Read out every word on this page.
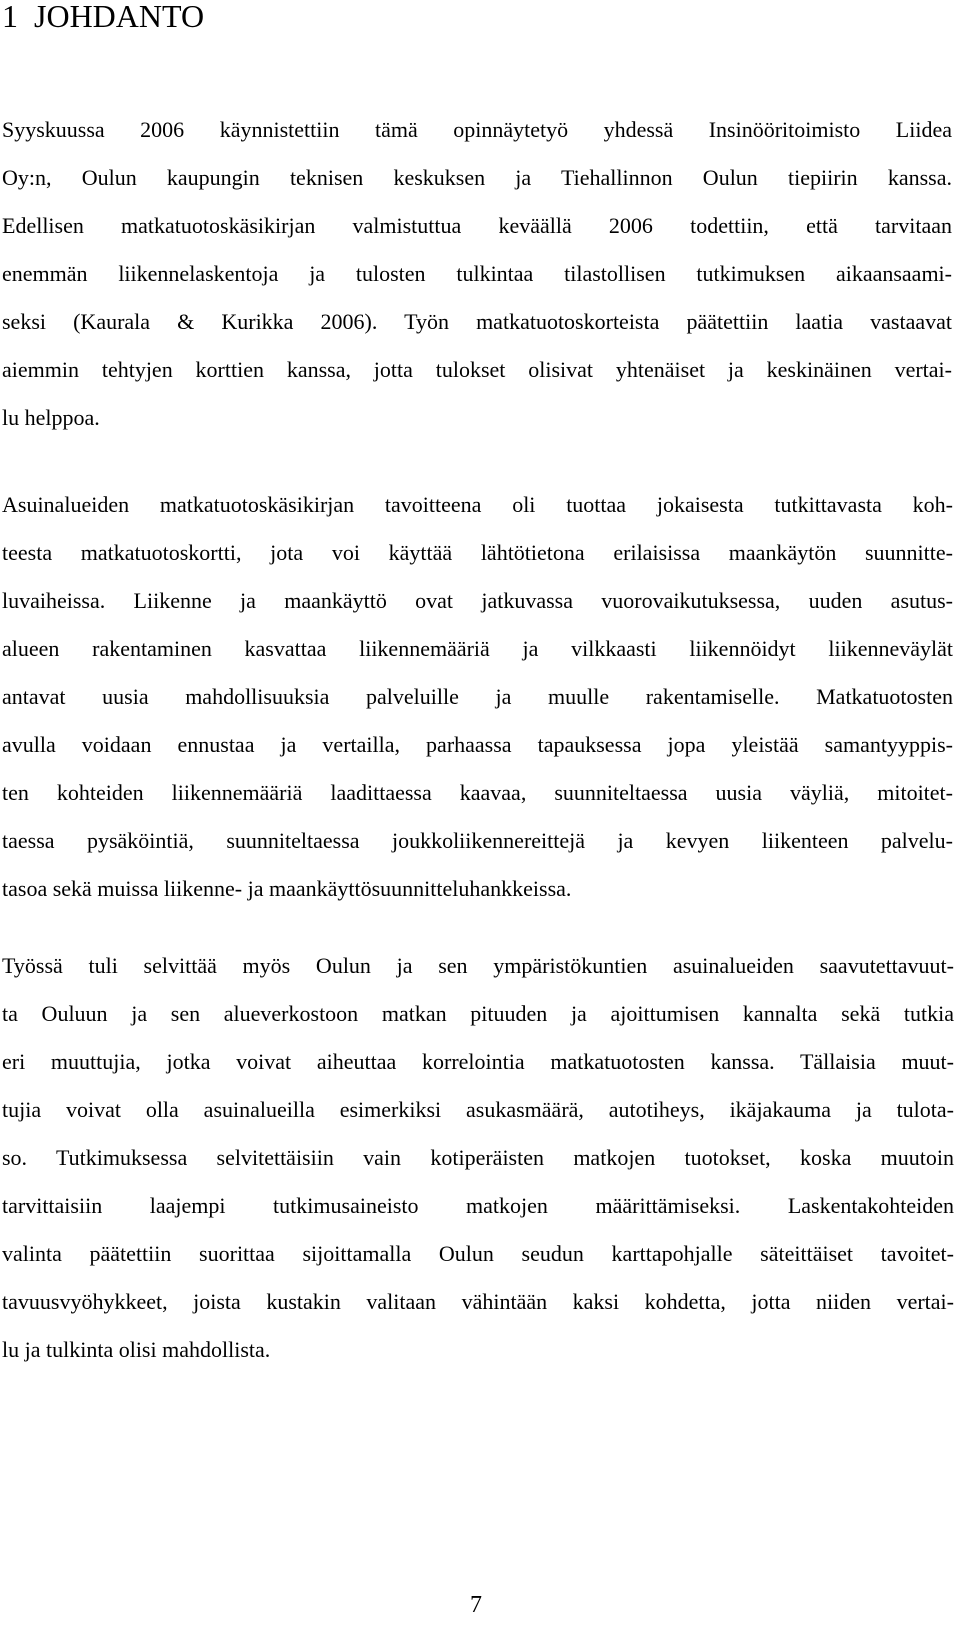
1  JOHDANTO
Syyskuussa 2006 käynnistettiin tämä opinnäytetyö yhdessä Insinööritoimisto Liidea
Oy:n, Oulun kaupungin teknisen keskuksen ja Tiehallinnon Oulun tiepiirin kanssa.
Edellisen matkatuotoskäsikirjan valmistuttua keväällä 2006 todettiin, että tarvitaan
enemmän liikennelaskentoja ja tulosten tulkintaa tilastollisen tutkimuksen aikaansaami-
seksi (Kaurala & Kurikka 2006). Työn matkatuotoskorteista päätettiin laatia vastaavat
aiemmin tehtyjen korttien kanssa, jotta tulokset olisivat yhtenäiset ja keskinäinen vertai-
lu helppoa.
Asuinalueiden matkatuotoskäsikirjan tavoitteena oli tuottaa jokaisesta tutkittavasta koh-
teesta matkatuotoskortti, jota voi käyttää lähtötietona erilaisissa maankäytön suunnitte-
luvaiheissa. Liikenne ja maankäyttö ovat jatkuvassa vuorovaikutuksessa, uuden asutus-
alueen rakentaminen kasvattaa liikennemääriä ja vilkkaasti liikennöidyt liikenneväylät
antavat uusia mahdollisuuksia palveluille ja muulle rakentamiselle. Matkatuotosten
avulla voidaan ennustaa ja vertailla, parhaassa tapauksessa jopa yleistää samantyyppis-
ten kohteiden liikennemääriä laadittaessa kaavaa, suunniteltaessa uusia väyliä, mitoitet-
taessa pysäköintiä, suunniteltaessa joukkoliikennereittejä ja kevyen liikenteen palvelu-
tasoa sekä muissa liikenne- ja maankäyttösuunnitteluhankkeissa.
Työssä tuli selvittää myös Oulun ja sen ympäristökuntien asuinalueiden saavutettavuut-
ta Ouluun ja sen alueverkostoon matkan pituuden ja ajoittumisen kannalta sekä tutkia
eri muuttujia, jotka voivat aiheuttaa korrelointia matkatuotosten kanssa. Tällaisia muut-
tujia voivat olla asuinalueilla esimerkiksi asukasmäärä, autotiheys, ikäjakauma ja tulota-
so. Tutkimuksessa selvitettäisiin vain kotiperäisten matkojen tuotokset, koska muutoin
tarvittaisiin laajempi tutkimusaineisto matkojen määrittämiseksi. Laskentakohteiden
valinta päätettiin suorittaa sijoittamalla Oulun seudun karttapohjalle säteittäiset tavoitet-
tavuusvyöhykkeet, joista kustakin valitaan vähintään kaksi kohdetta, jotta niiden vertai-
lu ja tulkinta olisi mahdollista.
7
